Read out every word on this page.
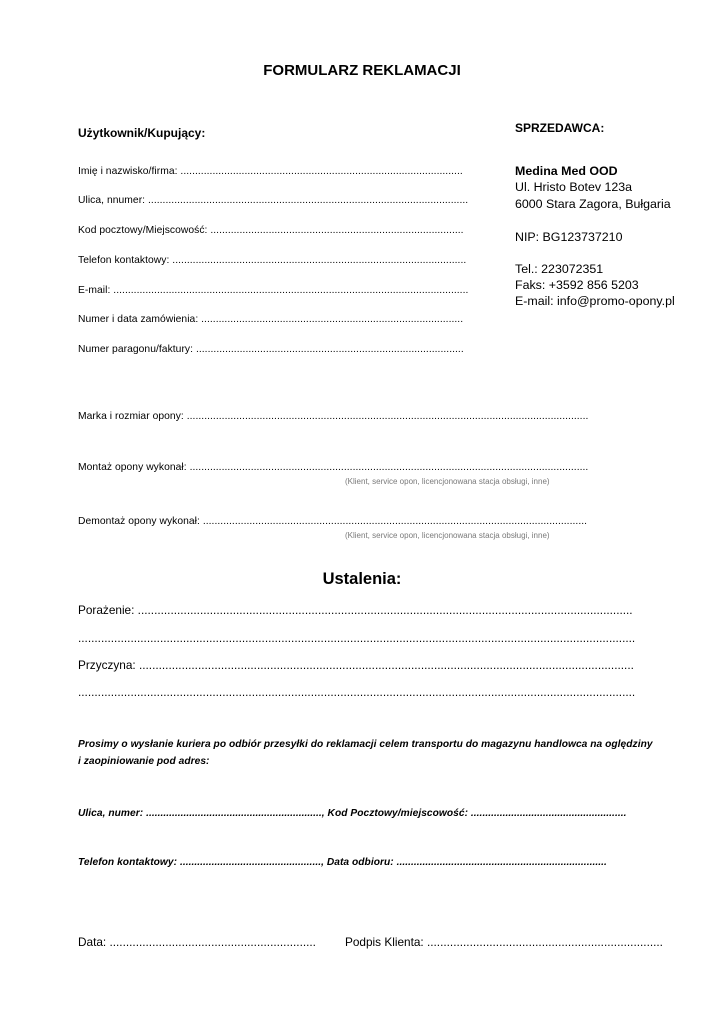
FORMULARZ REKLAMACJI
Użytkownik/Kupujący:
Imię i nazwisko/firma: .................................................................................................
Ulica, nnumer: ..............................................................................................................
Kod pocztowy/Miejscowość: .......................................................................................
Telefon kontaktowy: .....................................................................................................
E-mail: ..........................................................................................................................
Numer i data zamówienia: ..........................................................................................
Numer paragonu/faktury: ............................................................................................
SPRZEDAWCA:
Medina Med OOD
Ul. Hristo Botev 123a
6000 Stara Zagora, Bułgaria
NIP: BG123737210
Tel.: 223072351
Faks: +3592 856 5203
E-mail: info@promo-opony.pl
Marka i rozmiar opony: ..........................................................................................................................................
Montaż opony wykonał: .........................................................................................................................................
(Klient, service opon, licencjonowana stacja obsługi, inne)
Demontaż opony wykonał: ....................................................................................................................................
(Klient, service opon, licencjonowana stacja obsługi, inne)
Ustalenia:
Porażenie: .......................................................................................................................................................
..........................................................................................................................................................................
Przyczyna: .......................................................................................................................................................
..........................................................................................................................................................................
Prosimy o wysłanie kuriera po odbiór przesyłki do reklamacji celem transportu do magazynu handlowca na oględziny
i zaopiniowanie pod adres:
Ulica, numer: ............................................................., Kod Pocztowy/miejscowość: ......................................................
Telefon kontaktowy: ................................................., Data odbioru: .........................................................................
Data: ...............................................................	Podpis Klienta: ........................................................................
